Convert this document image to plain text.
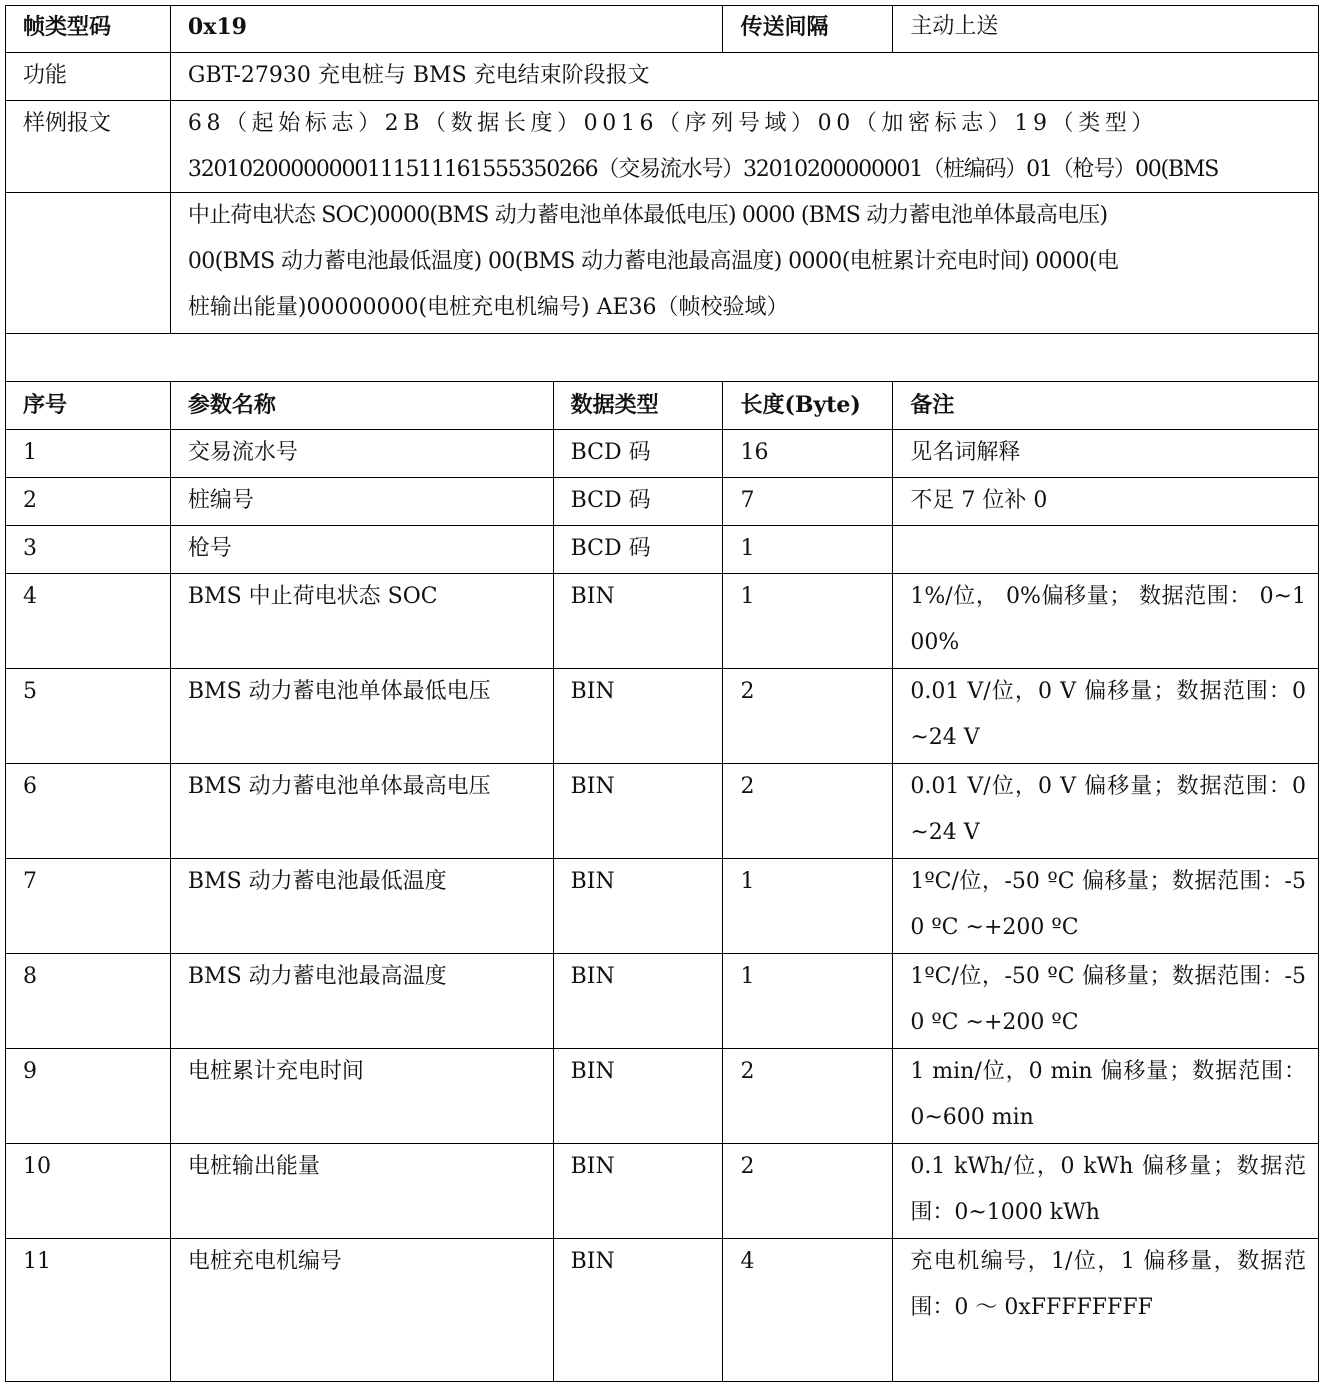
帧类型码	0x19	传送间隔	主动上送
功能	GBT-27930 充电桩与 BMS 充电结束阶段报文
样例报文	68（起始标志）2B（数据长度）0016（序列号域）00（加密标志）19（类型）
32010200000000111511161555350266（交易流水号）32010200000001（桩编码）01（枪号）00(BMS
中止荷电状态 SOC)0000(BMS 动力蓄电池单体最低电压) 0000 (BMS 动力蓄电池单体最高电压)
00(BMS 动力蓄电池最低温度) 00(BMS 动力蓄电池最高温度) 0000(电桩累计充电时间) 0000(电
桩输出能量)00000000(电桩充电机编号) AE36（帧校验域）
序号	参数名称	数据类型	长度(Byte)	备注
1	交易流水号	BCD 码	16	见名词解释
2	桩编号	BCD 码	7	不足 7 位补 0
3	枪号	BCD 码	1
4	BMS 中止荷电状态 SOC	BIN	1	1%/位， 0%偏移量； 数据范围： 0~100%
5	BMS 动力蓄电池单体最低电压	BIN	2	0.01 V/位，0 V 偏移量；数据范围：0 ~24 V
6	BMS 动力蓄电池单体最高电压	BIN	2	0.01 V/位，0 V 偏移量；数据范围：0 ~24 V
7	BMS 动力蓄电池最低温度	BIN	1	1ºC/位，-50 ºC 偏移量；数据范围：-50 ºC ~+200 ºC
8	BMS 动力蓄电池最高温度	BIN	1	1ºC/位，-50 ºC 偏移量；数据范围：-50 ºC ~+200 ºC
9	电桩累计充电时间	BIN	2	1 min/位，0 min 偏移量；数据范围：0~600 min
10	电桩输出能量	BIN	2	0.1 kWh/位，0 kWh 偏移量；数据范围：0~1000 kWh
11	电桩充电机编号	BIN	4	充电机编号，1/位，1 偏移量，数据范围：0 ～ 0xFFFFFFFF
